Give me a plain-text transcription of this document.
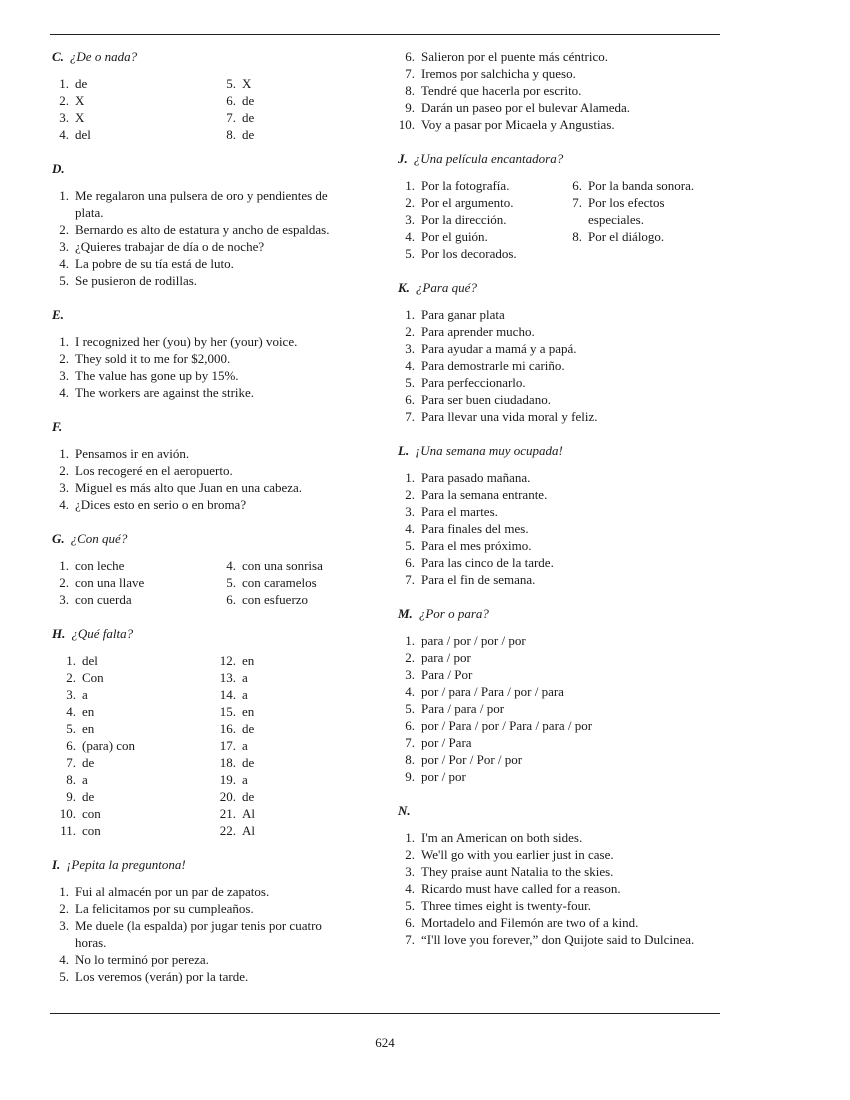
C. ¿De o nada?
1. de
2. X
3. X
4. del
5. X
6. de
7. de
8. de
D.
1. Me regalaron una pulsera de oro y pendientes de plata.
2. Bernardo es alto de estatura y ancho de espaldas.
3. ¿Quieres trabajar de día o de noche?
4. La pobre de su tía está de luto.
5. Se pusieron de rodillas.
E.
1. I recognized her (you) by her (your) voice.
2. They sold it to me for $2,000.
3. The value has gone up by 15%.
4. The workers are against the strike.
F.
1. Pensamos ir en avión.
2. Los recogeré en el aeropuerto.
3. Miguel es más alto que Juan en una cabeza.
4. ¿Dices esto en serio o en broma?
G. ¿Con qué?
1. con leche
2. con una llave
3. con cuerda
4. con una sonrisa
5. con caramelos
6. con esfuerzo
H. ¿Qué falta?
1. del
2. Con
3. a
4. en
5. en
6. (para) con
7. de
8. a
9. de
10. con
11. con
12. en
13. a
14. a
15. en
16. de
17. a
18. de
19. a
20. de
21. Al
22. Al
I. ¡Pepita la preguntona!
1. Fui al almacén por un par de zapatos.
2. La felicitamos por su cumpleaños.
3. Me duele (la espalda) por jugar tenis por cuatro horas.
4. No lo terminó por pereza.
5. Los veremos (verán) por la tarde.
6. Salieron por el puente más céntrico.
7. Iremos por salchicha y queso.
8. Tendré que hacerla por escrito.
9. Darán un paseo por el bulevar Alameda.
10. Voy a pasar por Micaela y Angustias.
J. ¿Una película encantadora?
1. Por la fotografía.
2. Por el argumento.
3. Por la dirección.
4. Por el guión.
5. Por los decorados.
6. Por la banda sonora.
7. Por los efectos especiales.
8. Por el diálogo.
K. ¿Para qué?
1. Para ganar plata
2. Para aprender mucho.
3. Para ayudar a mamá y a papá.
4. Para demostrarle mi cariño.
5. Para perfeccionarlo.
6. Para ser buen ciudadano.
7. Para llevar una vida moral y feliz.
L. ¡Una semana muy ocupada!
1. Para pasado mañana.
2. Para la semana entrante.
3. Para el martes.
4. Para finales del mes.
5. Para el mes próximo.
6. Para las cinco de la tarde.
7. Para el fin de semana.
M. ¿Por o para?
1. para / por / por / por
2. para / por
3. Para / Por
4. por / para / Para / por / para
5. Para / para / por
6. por / Para / por / Para / para / por
7. por / Para
8. por / Por / Por / por
9. por / por
N.
1. I'm an American on both sides.
2. We'll go with you earlier just in case.
3. They praise aunt Natalia to the skies.
4. Ricardo must have called for a reason.
5. Three times eight is twenty-four.
6. Mortadelo and Filemón are two of a kind.
7. “I'll love you forever,” don Quijote said to Dulcinea.
624
